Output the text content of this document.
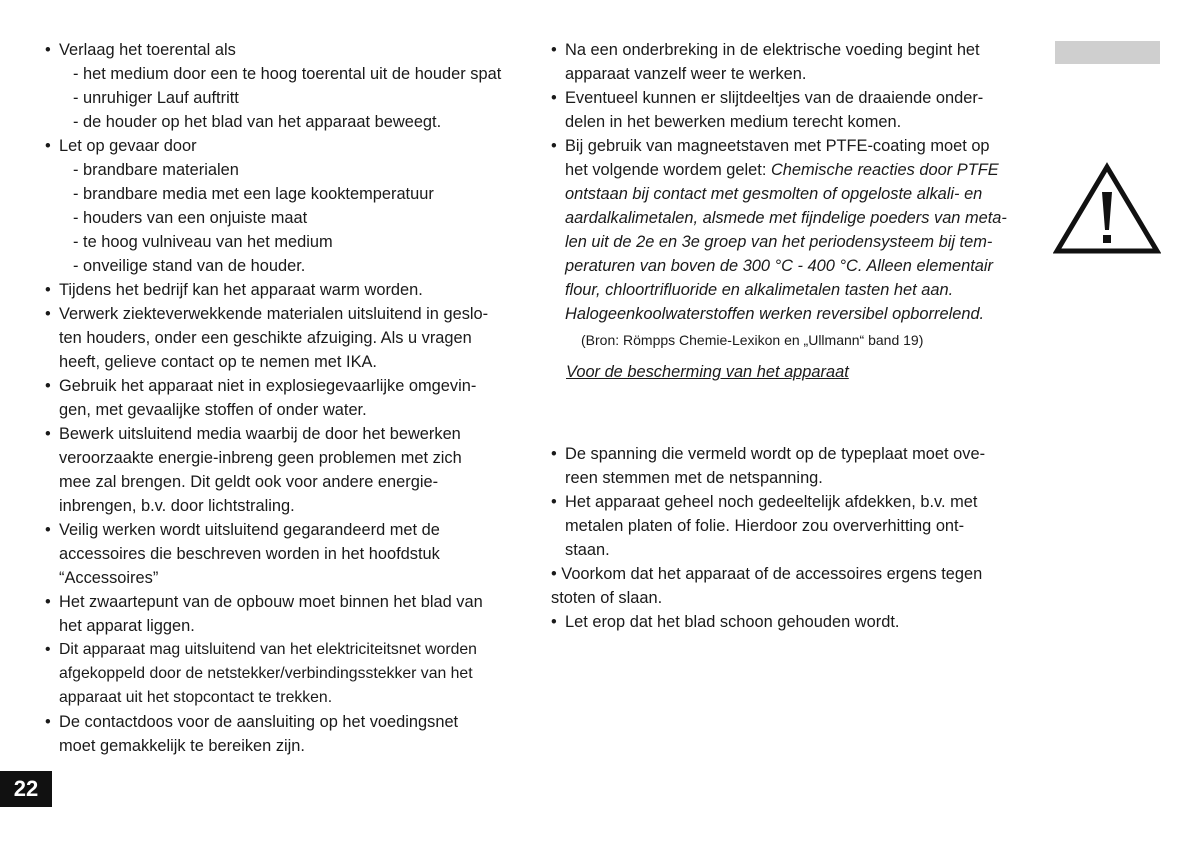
• Verlaag het toerental als
- het medium door een te hoog toerental uit de houder spat
- unruhiger Lauf auftritt
- de houder op het blad van het apparaat beweegt.
• Let op gevaar door
- brandbare materialen
- brandbare media met een lage kooktemperatuur
- houders van een onjuiste maat
- te hoog vulniveau van het medium
- onveilige stand van de houder.
• Tijdens het bedrijf kan het apparaat warm worden.
• Verwerk ziekteverwekkende materialen uitsluitend in geslo-
ten houders, onder een geschikte afzuiging. Als u vragen
heeft, gelieve contact op te nemen met IKA.
• Gebruik het apparaat niet in explosiegevaarlijke omgevin-
gen, met gevaalijke stoffen of onder water.
• Bewerk uitsluitend media waarbij de door het bewerken
veroorzaakte energie-inbreng geen problemen met zich
mee zal brengen. Dit geldt ook voor andere energie-
inbrengen, b.v. door lichtstraling.
• Veilig werken wordt uitsluitend gegarandeerd met de
accessoires die beschreven worden in het hoofdstuk
“Accessoires”
• Het zwaartepunt van de opbouw moet binnen het blad van
het apparat liggen.
• Dit apparaat mag uitsluitend van het elektriciteitsnet worden
afgekoppeld door de netstekker/verbindingsstekker van het
apparaat uit het stopcontact te trekken.
• De contactdoos voor de aansluiting op het voedingsnet
moet gemakkelijk te bereiken zijn.
• Na een onderbreking in de elektrische voeding begint het
apparaat vanzelf weer te werken.
• Eventueel kunnen er slijtdeeltjes van de draaiende onder-
delen in het bewerken medium terecht komen.
• Bij gebruik van magneetstaven met PTFE-coating moet op
het volgende wordem gelet: Chemische reacties door PTFE
ontstaan bij contact met gesmolten of opgeloste alkali- en
aardalkalimetalen, alsmede met fijndelige poeders van meta-
len uit de 2e en 3e groep van het periodensysteem bij tem-
peraturen van boven de 300 °C - 400 °C. Alleen elementair
flour, chloortrifluoride en alkalimetalen tasten het aan.
Halogeenkoolwaterstoffen werken reversibel opborrelend.
(Bron: Römpps Chemie-Lexikon en „Ullmann“ band 19)
Voor de bescherming van het apparaat
• De spanning die vermeld wordt op de typeplaat moet ove-
reen stemmen met de netspanning.
• Het apparaat geheel noch gedeeltelijk afdekken, b.v. met
metalen platen of folie. Hierdoor zou oververhitting ont-
staan.
• Voorkom dat het apparaat of de accessoires ergens tegen
stoten of slaan.
• Let erop dat het blad schoon gehouden wordt.
22
